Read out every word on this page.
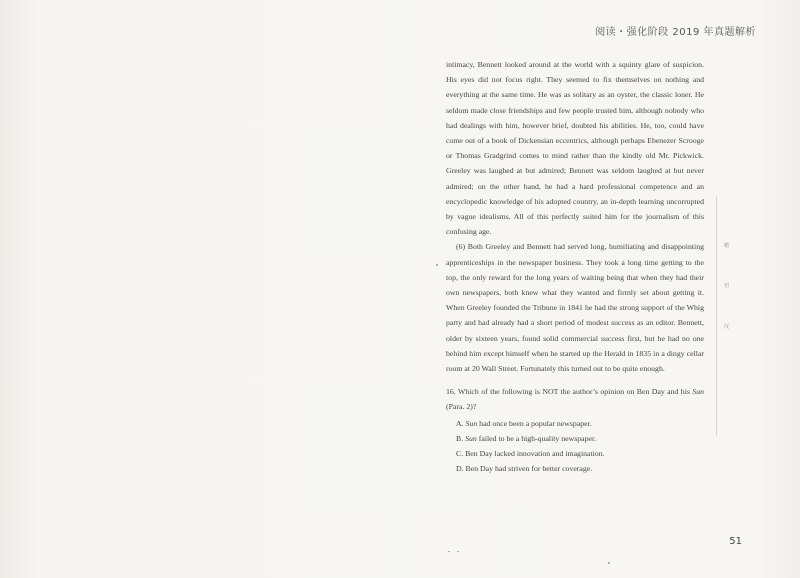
阅读・强化阶段 2019 年真题解析

intimacy, Bennett looked around at the world with a squinty glare of suspicion. His eyes did not focus right. They seemed to fix themselves on nothing and everything at the same time. He was as solitary as an oyster, the classic loner. He seldom made close friendships and few people trusted him, although nobody who had dealings with him, however brief, doubted his abilities. He, too, could have come out of a book of Dickensian eccentrics, although perhaps Ebenezer Scrooge or Thomas Gradgrind comes to mind rather than the kindly old Mr. Pickwick. Greeley was laughed at but admired; Bennett was seldom laughed at but never admired; on the other hand, he had a hard professional competence and an encyclopedic knowledge of his adopted country, an in-depth learning uncorrupted by vague idealisms. All of this perfectly suited him for the journalism of this confusing age.

(6) Both Greeley and Bennett had served long, humiliating and disappointing apprenticeships in the newspaper business. They took a long time getting to the top, the only reward for the long years of waiting being that when they had their own newspapers, both knew what they wanted and firmly set about getting it. When Greeley founded the Tribune in 1841 he had the strong support of the Whig party and had already had a short period of modest success as an editor. Bennett, older by sixteen years, found solid commercial success first, but he had no one behind him except himself when he started up the Herald in 1835 in a dingy cellar room at 20 Wall Street. Fortunately this turned out to be quite enough.

16. Which of the following is NOT the author’s opinion on Ben Day and his Sun (Para. 2)?

A. Sun had once been a popular newspaper.
B. Sun failed to be a high-quality newspaper.
C. Ben Day lacked innovation and imagination.
D. Ben Day had striven for better coverage.
精
切
汉
51
